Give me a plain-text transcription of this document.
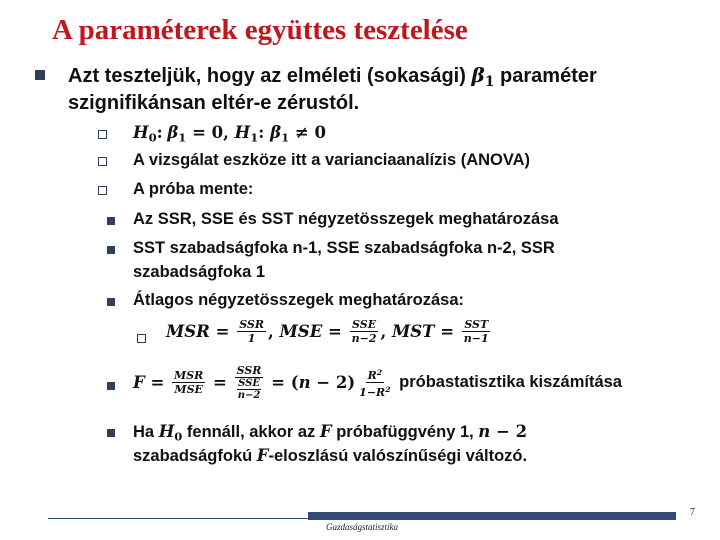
A paraméterek együttes tesztelése
Azt teszteljük, hogy az elméleti (sokasági) $\beta_1$ paraméter
szignifikánsan eltér-e zérustól.
$H_0$: $\beta_1 = 0$, $H_1$: $\beta_1 \ne 0$
A vizsgálat eszköze itt a varianciaanalízis (ANOVA)
A próba mente:
Az SSR, SSE és SST négyzetösszegek meghatározása
SST szabadságfoka n-1, SSE szabadságfoka n-2, SSR
szabadságfoka 1
Átlagos négyzetösszegek meghatározása:
MSR = $\frac{\text{SSR}}{1}$ , MSE = $\frac{\text{SSE}}{n-2}$ , MST = $\frac{\text{SST}}{n-1}$
$F = \frac{\text{MSR}}{\text{MSE}}$ = SSR
SSE
n−2 = ( $n - 2) \frac{R^2}{1-R^2}$ próbastatisztika kiszámítása
Ha $H_0$ fennáll, akkor az F próbafüggvény 1, n − 2
szabadságfokú F-eloszlású valószínűségi változó.
Gazdaságstatisztika
7
